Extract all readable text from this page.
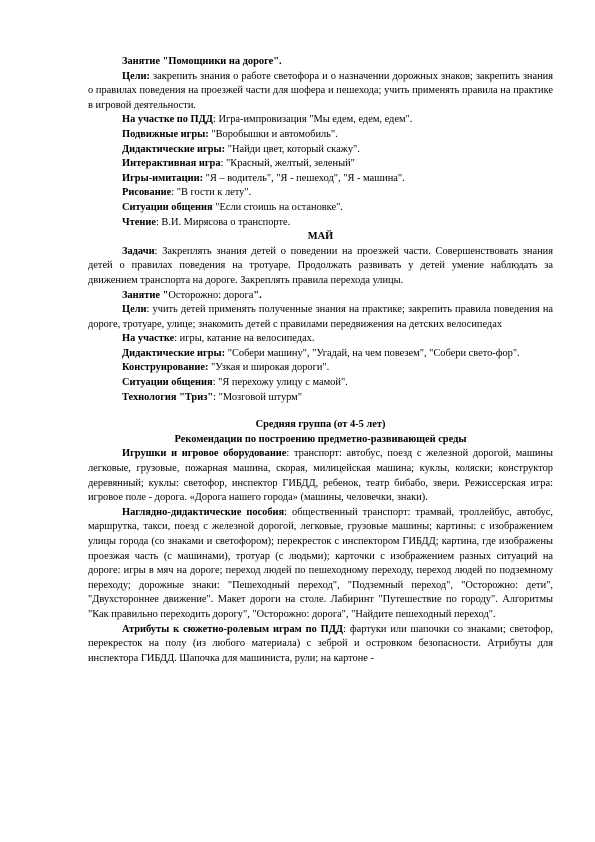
Занятие "Помощники на дороге".

Цели: закрепить знания о работе светофора и о назначении дорожных знаков; закрепить знания о правилах поведения на проезжей части для шофера и пешехода; учить применять правила на практике в игровой деятельности.

На участке по ПДД: Игра-импровизация "Мы едем, едем, едем".

Подвижные игры: "Воробышки и автомобиль".

Дидактические игры: "Найди цвет, который скажу".

Интерактивная игра: "Красный, желтый, зеленый"

Игры-имитации: "Я – водитель", "Я - пешеход", "Я - машина".

Рисование: "В гости к лету".

Ситуации общения "Если стоишь на остановке".

Чтение: В.И. Мирясова о транспорте.

МАЙ

Задачи: Закреплять знания детей о поведении на проезжей части. Совершенствовать знания детей о правилах поведения на тротуаре. Продолжать развивать у детей умение наблюдать за движением транспорта на дороге. Закреплять правила перехода улицы.

Занятие "Осторожно: дорога".

Цели: учить детей применять полученные знания на практике; закрепить правила поведения на дороге, тротуаре, улице; знакомить детей с правилами передвижения на детских велосипедах

На участке: игры, катание на велосипедах.

Дидактические игры: "Собери машину", "Угадай, на чем повезем", "Собери свето-фор".

Конструирование: "Узкая и широкая дороги".

Ситуации общения: "Я перехожу улицу с мамой".

Технология "Триз": "Мозговой штурм"

Средняя группа (от 4-5 лет)

Рекомендации по построению предметно-развивающей среды

Игрушки и игровое оборудование: транспорт: автобус, поезд с железной дорогой, машины легковые, грузовые, пожарная машина, скорая, милицейская машина; куклы, коляски; конструктор деревянный; куклы: светофор, инспектор ГИБДД, ребенок, театр бибабо, звери. Режиссерская игра: игровое поле - дорога. «Дорога нашего города» (машины, человечки, знаки).

Наглядно-дидактические пособия: общественный транспорт: трамвай, троллейбус, автобус, маршрутка, такси, поезд с железной дорогой, легковые, грузовые машины; картины: с изображением улицы города (со знаками и светофором); перекресток с инспектором ГИБДД; картина, где изображены проезжая часть (с машинами), тротуар (с людьми); карточки с изображением разных ситуаций на дороге: игры в мяч на дороге; переход людей по пешеходному переходу, переход людей по подземному переходу; дорожные знаки: "Пешеходный переход", "Подземный переход", "Осторожно: дети", "Двухстороннее движение". Макет дороги на столе. Лабиринт "Путешествие по городу". Алгоритмы "Как правильно переходить дорогу", "Осторожно: дорога", "Найдите пешеходный переход".

Атрибуты к сюжетно-ролевым играм по ПДД: фартуки или шапочки со знаками; светофор, перекресток на полу (из любого материала) с зеброй и островком безопасности. Атрибуты для инспектора ГИБДД. Шапочка для машиниста, рули; на картоне -
